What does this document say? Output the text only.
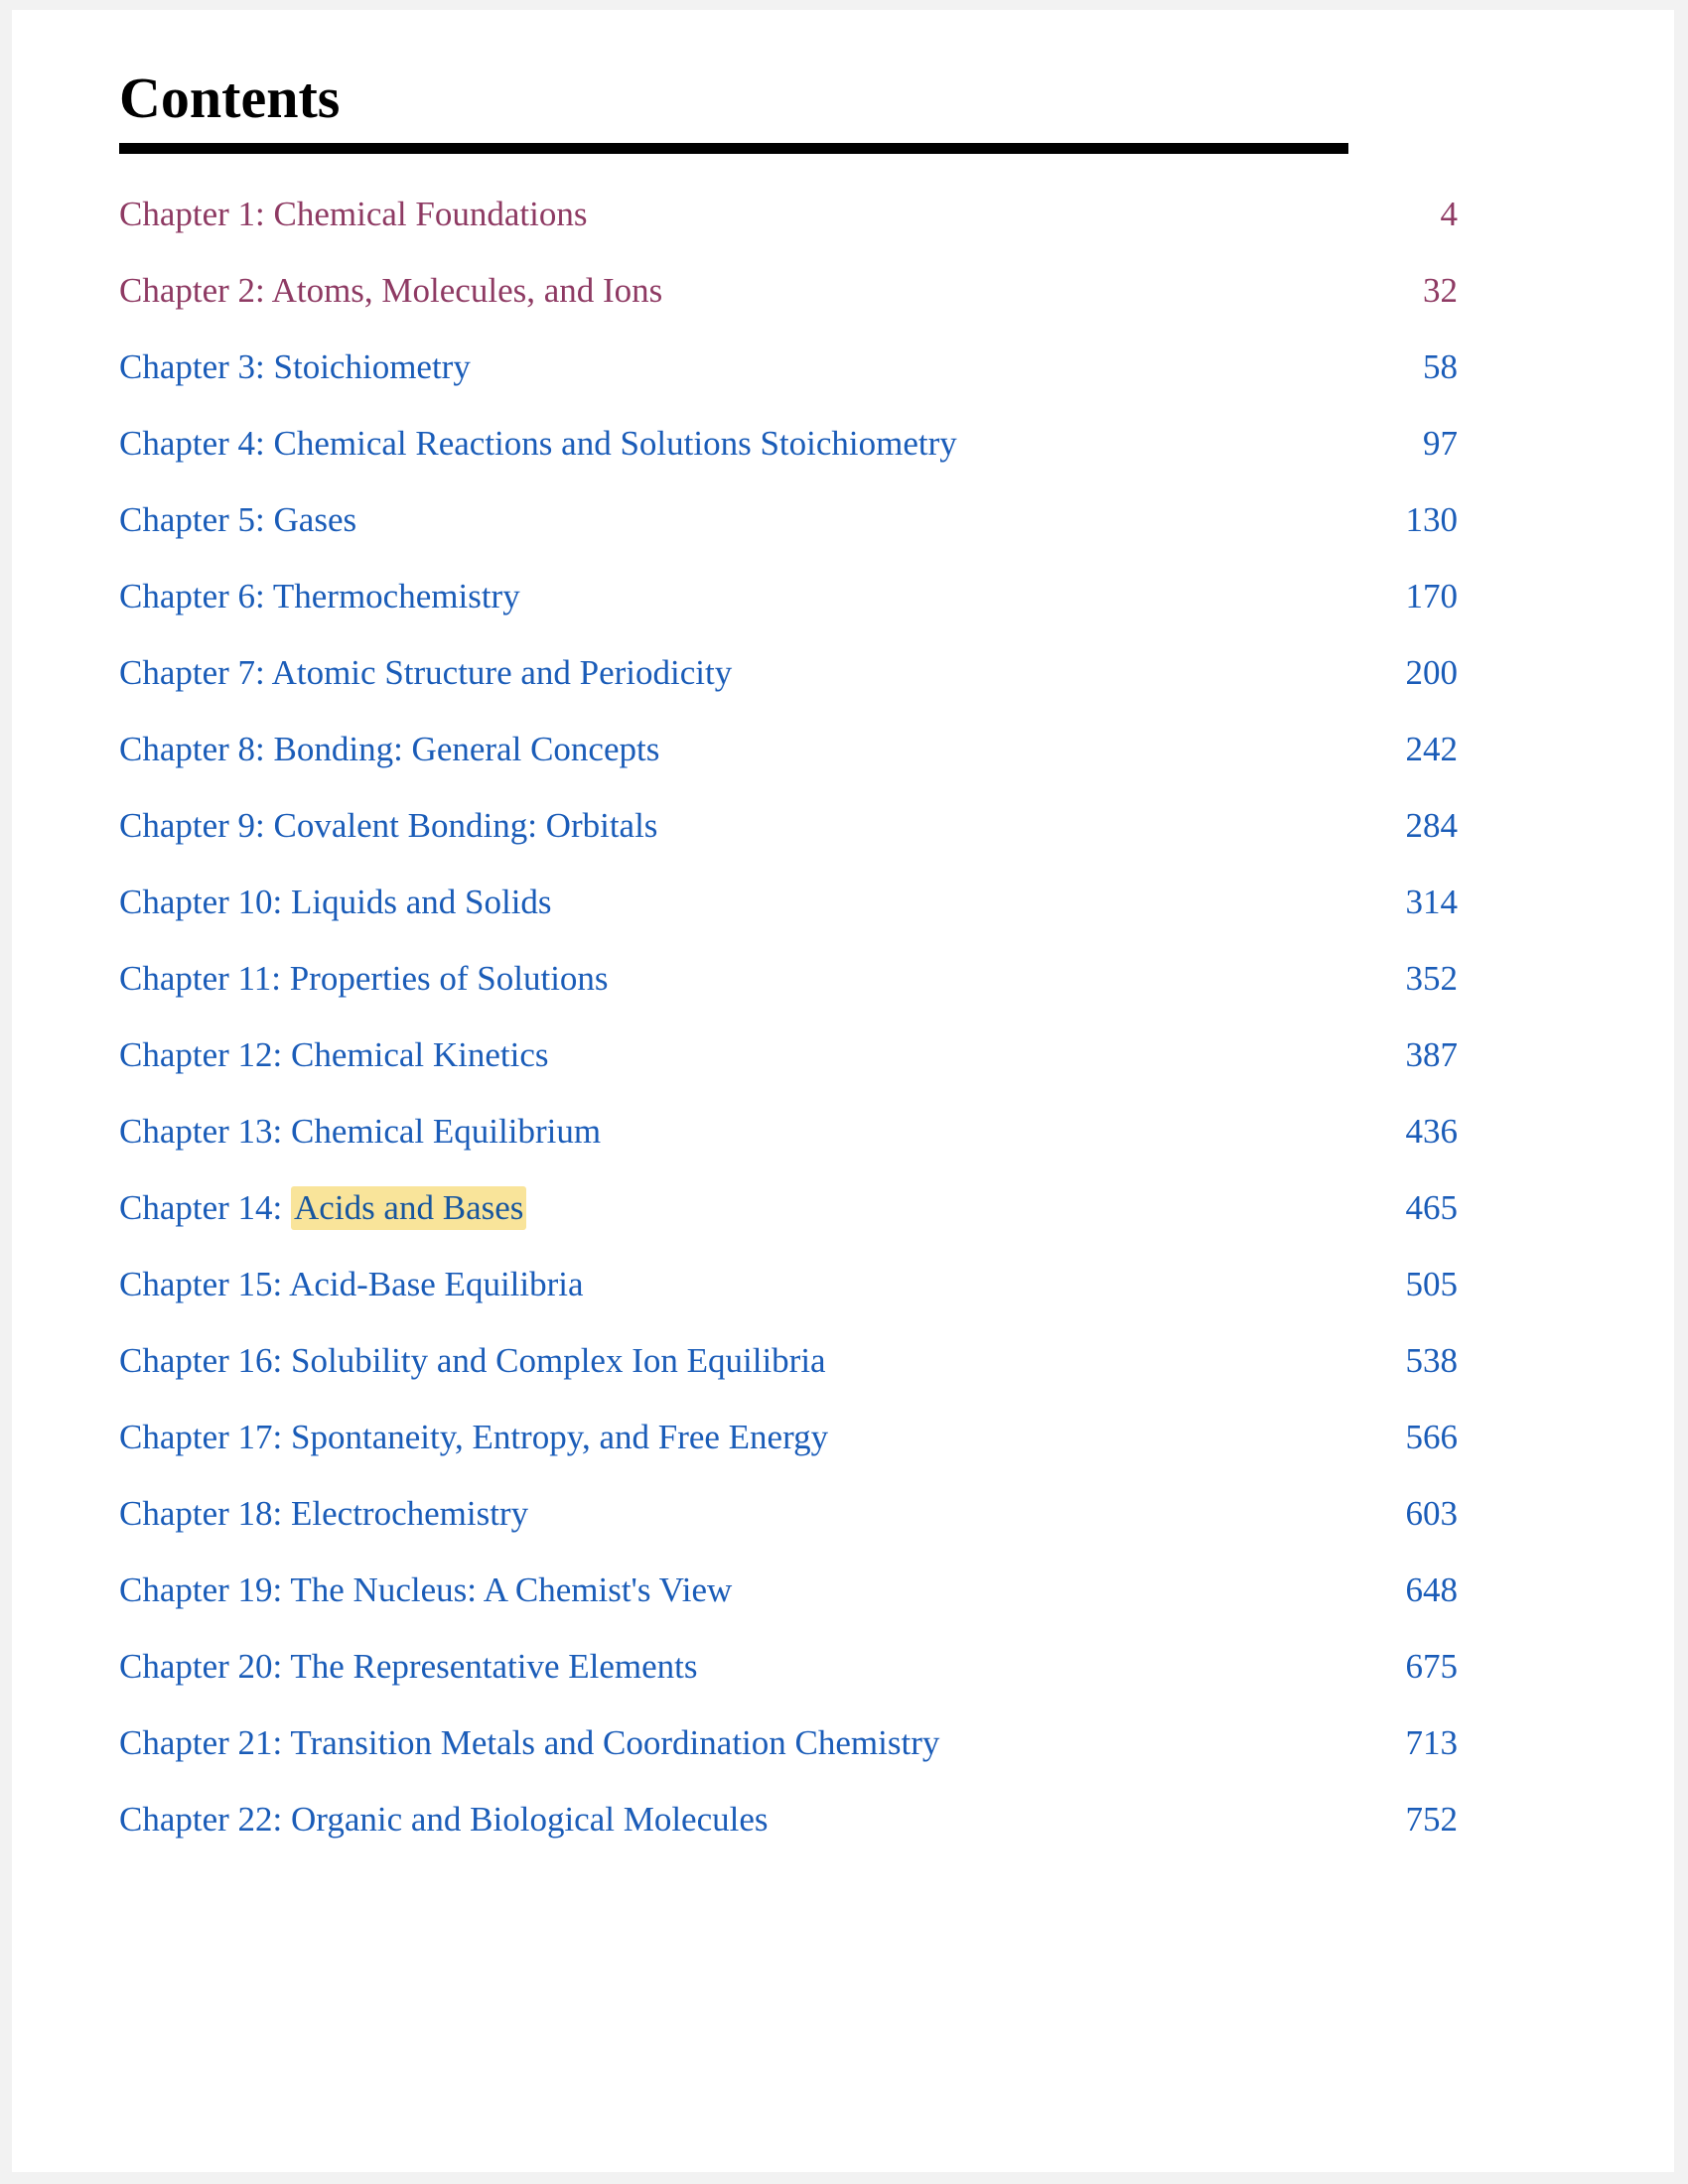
Contents
Chapter 1: Chemical Foundations	4
Chapter 2: Atoms, Molecules, and Ions	32
Chapter 3: Stoichiometry	58
Chapter 4: Chemical Reactions and Solutions Stoichiometry	97
Chapter 5: Gases	130
Chapter 6: Thermochemistry	170
Chapter 7: Atomic Structure and Periodicity	200
Chapter 8: Bonding: General Concepts	242
Chapter 9: Covalent Bonding: Orbitals	284
Chapter 10: Liquids and Solids	314
Chapter 11: Properties of Solutions	352
Chapter 12: Chemical Kinetics	387
Chapter 13: Chemical Equilibrium	436
Chapter 14: Acids and Bases	465
Chapter 15: Acid-Base Equilibria	505
Chapter 16: Solubility and Complex Ion Equilibria	538
Chapter 17: Spontaneity, Entropy, and Free Energy	566
Chapter 18: Electrochemistry	603
Chapter 19: The Nucleus: A Chemist's View	648
Chapter 20: The Representative Elements	675
Chapter 21: Transition Metals and Coordination Chemistry	713
Chapter 22: Organic and Biological Molecules	752
